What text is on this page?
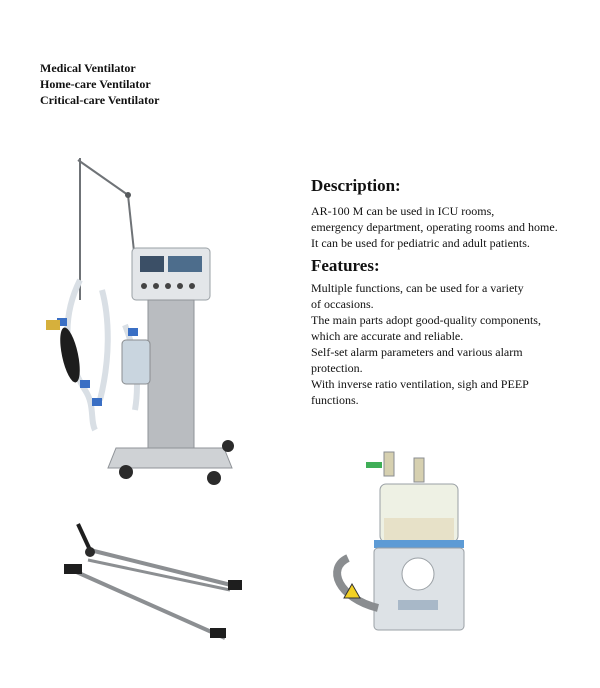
Medical Ventilator
Home-care Ventilator
Critical-care Ventilator
Description:
AR-100 M can be used in ICU rooms,
emergency department, operating rooms and home.
It can be used for pediatric and adult patients.
Features:
Multiple functions, can be used for a variety
of occasions.
The main parts adopt good-quality components,
which are accurate and reliable.
Self-set alarm parameters and various alarm
protection.
With inverse ratio ventilation, sigh and PEEP
functions.
